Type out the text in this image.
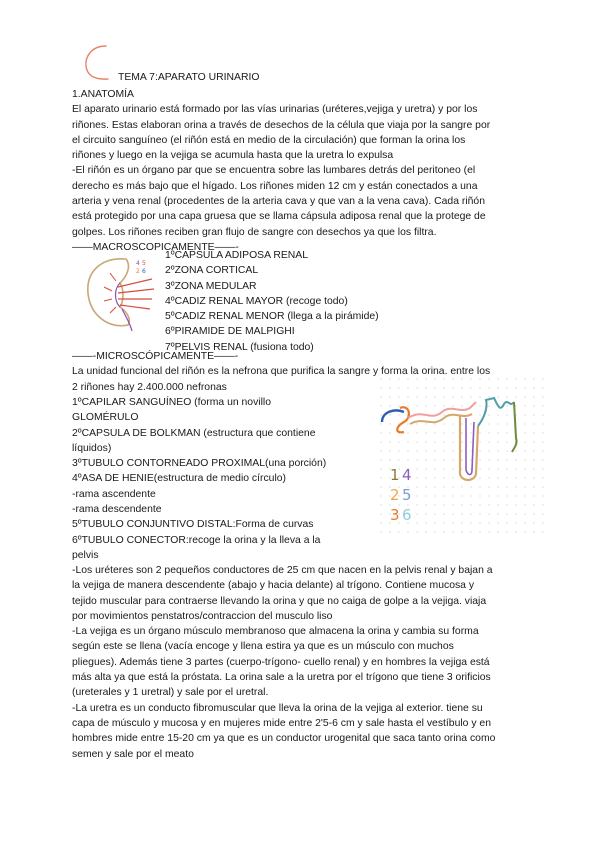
TEMA 7:APARATO URINARIO
1.ANATOMÍA
El aparato urinario está formado por las vías urinarias (uréteres,vejiga y uretra) y por los
riñones. Estas elaboran orina a través de desechos de la célula que viaja por la sangre por
el circuito sanguíneo (el riñón está en medio de la circulación) que forman la orina los
riñones y luego en la vejiga se acumula hasta que la uretra lo expulsa
-El riñón es un órgano par que se encuentra sobre las lumbares detrás del peritoneo (el
derecho es más bajo que el hígado. Los riñones miden 12 cm y están conectados a una
arteria y vena renal (procedentes de la arteria cava y que van a la vena cava). Cada riñón
está protegido por una capa gruesa que se llama cápsula adiposa renal que la protege de
golpes. Los riñones reciben gran flujo de sangre con desechos ya que los filtra.
——MACROSCOPICAMENTE——-
4
2
5
6
1ºCAPSULA ADIPOSA RENAL
2ºZONA CORTICAL
3ºZONA MEDULAR
4ºCADIZ RENAL MAYOR (recoge todo)
5ºCADIZ RENAL MENOR (llega a la pirámide)
6ºPIRAMIDE DE MALPIGHI
7ºPELVIS RENAL (fusiona todo)
——-MICROSCÓPICAMENTE——-
La unidad funcional del riñón es la nefrona que purifica la sangre y forma la orina. entre los
2 riñones hay 2.400.000 nefronas
1ºCAPILAR SANGUÍNEO (forma un novillo
GLOMÉRULO
2ºCAPSULA DE BOLKMAN (estructura que contiene
líquidos)
3ºTUBULO CONTORNEADO PROXIMAL(una porción)
4ºASA DE HENIE(estructura de medio círculo)
-rama ascendente
-rama descendente
5ºTUBULO CONJUNTIVO DISTAL:Forma de curvas
6ºTUBULO CONECTOR:recoge la orina y la lleva a la
pelvis
1 4
2 5
3 6
-Los uréteres son 2 pequeños conductores de 25 cm que nacen en la pelvis renal y bajan a
la vejiga de manera descendente (abajo y hacia delante) al trígono. Contiene mucosa y
tejido muscular para contraerse llevando la orina y que no caiga de golpe a la vejiga. viaja
por movimientos penstatros/contraccion del musculo liso
-La vejiga es un órgano músculo membranoso que almacena la orina y cambia su forma
según este se llena (vacía encoge y llena estira ya que es un músculo con muchos
pliegues). Además tiene 3 partes (cuerpo-trígono- cuello renal) y en hombres la vejiga está
más alta ya que está la próstata. La orina sale a la uretra por el trígono que tiene 3 orificios
(ureterales y 1 uretral) y sale por el uretral.
-La uretra es un conducto fibromuscular que lleva la orina de la vejiga al exterior. tiene su
capa de músculo y mucosa y en mujeres mide entre 2'5-6 cm y sale hasta el vestíbulo y en
hombres mide entre 15-20 cm ya que es un conductor urogenital que saca tanto orina como
semen y sale por el meato
